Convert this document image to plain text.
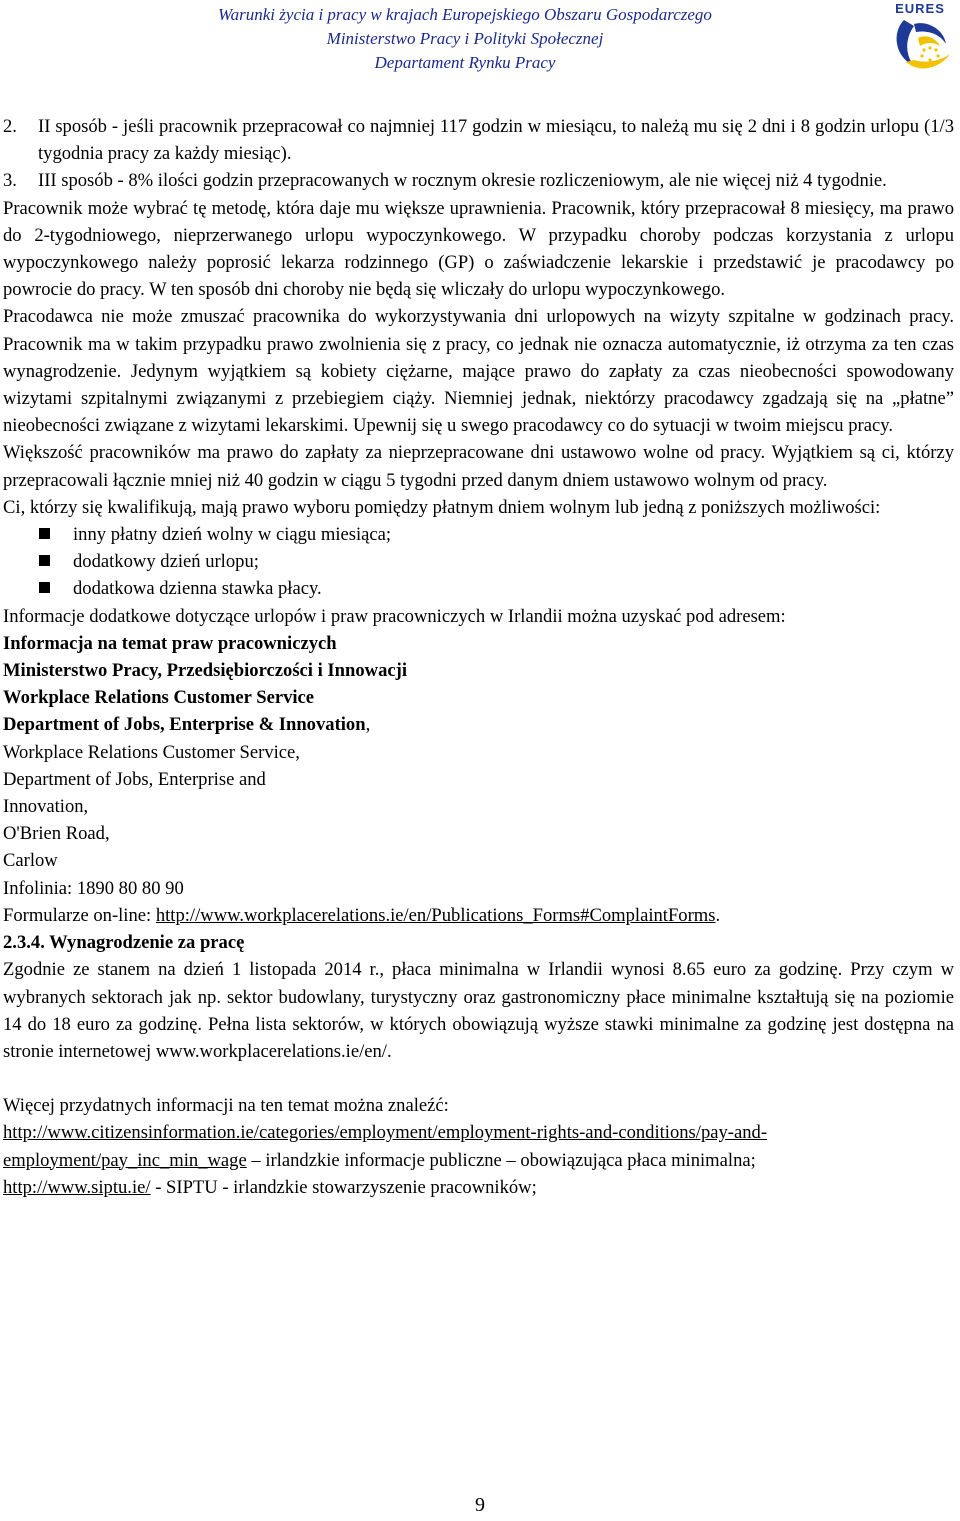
Warunki życia i pracy w krajach Europejskiego Obszaru Gospodarczego
Ministerstwo Pracy i Polityki Społecznej
Departament Rynku Pracy
EURES

2. II sposób - jeśli pracownik przepracował co najmniej 117 godzin w miesiącu, to należą mu się 2 dni i 8 godzin urlopu (1/3 tygodnia pracy za każdy miesiąc).

3. III sposób - 8% ilości godzin przepracowanych w rocznym okresie rozliczeniowym, ale nie więcej niż 4 tygodnie.

Pracownik może wybrać tę metodę, która daje mu większe uprawnienia. Pracownik, który przepracował 8 miesięcy, ma prawo do 2-tygodniowego, nieprzerwanego urlopu wypoczynkowego. W przypadku choroby podczas korzystania z urlopu wypoczynkowego należy poprosić lekarza rodzinnego (GP) o zaświadczenie lekarskie i przedstawić je pracodawcy po powrocie do pracy. W ten sposób dni choroby nie będą się wliczały do urlopu wypoczynkowego.

Pracodawca nie może zmuszać pracownika do wykorzystywania dni urlopowych na wizyty szpitalne w godzinach pracy. Pracownik ma w takim przypadku prawo zwolnienia się z pracy, co jednak nie oznacza automatycznie, iż otrzyma za ten czas wynagrodzenie. Jedynym wyjątkiem są kobiety ciężarne, mające prawo do zapłaty za czas nieobecności spowodowany wizytami szpitalnymi związanymi z przebiegiem ciąży. Niemniej jednak, niektórzy pracodawcy zgadzają się na „płatne” nieobecności związane z wizytami lekarskimi. Upewnij się u swego pracodawcy co do sytuacji w twoim miejscu pracy.

Większość pracowników ma prawo do zapłaty za nieprzepracowane dni ustawowo wolne od pracy. Wyjątkiem są ci, którzy przepracowali łącznie mniej niż 40 godzin w ciągu 5 tygodni przed danym dniem ustawowo wolnym od pracy.

Ci, którzy się kwalifikują, mają prawo wyboru pomiędzy płatnym dniem wolnym lub jedną z poniższych możliwości:

inny płatny dzień wolny w ciągu miesiąca;
dodatkowy dzień urlopu;
dodatkowa dzienna stawka płacy.

Informacje dodatkowe dotyczące urlopów i praw pracowniczych w Irlandii można uzyskać pod adresem:

Informacja na temat praw pracowniczych
Ministerstwo Pracy, Przedsiębiorczości i Innowacji
Workplace Relations Customer Service
Department of Jobs, Enterprise & Innovation,
Workplace Relations Customer Service,
Department of Jobs, Enterprise and
Innovation,
O'Brien Road,
Carlow
Infolinia: 1890 80 80 90
Formularze on-line: http://www.workplacerelations.ie/en/Publications_Forms#ComplaintForms.
2.3.4. Wynagrodzenie za pracę

Zgodnie ze stanem na dzień 1 listopada 2014 r., płaca minimalna w Irlandii wynosi 8.65 euro za godzinę. Przy czym w wybranych sektorach jak np. sektor budowlany, turystyczny oraz gastronomiczny płace minimalne kształtują się na poziomie 14 do 18 euro za godzinę. Pełna lista sektorów, w których obowiązują wyższe stawki minimalne za godzinę jest dostępna na stronie internetowej www.workplacerelations.ie/en/.

Więcej przydatnych informacji na ten temat można znaleźć:

http://www.citizensinformation.ie/categories/employment/employment-rights-and-conditions/pay-and-employment/pay_inc_min_wage – irlandzkie informacje publiczne – obowiązująca płaca minimalna;

http://www.siptu.ie/ - SIPTU - irlandzkie stowarzyszenie pracowników;

9
